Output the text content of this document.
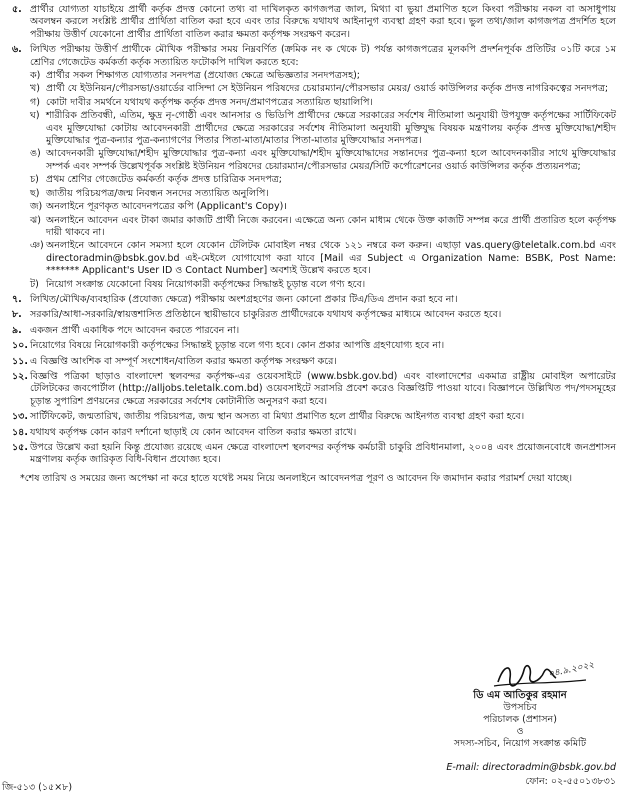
৫. প্রার্থীর যোগ্যতা যাচাইয়ে প্রার্থী কর্তৃক প্রদত্ত কোনো তথ্য বা দাখিলকৃত কাগজপত্র জাল, মিথ্যা বা ভুয়া প্রমাণিত হলে কিংবা পরীক্ষায় নকল বা অসাধুপায় অবলম্বন করলে সংশ্লিষ্ট প্রার্থীর প্রার্থিতা বাতিল করা হবে এবং তার বিরুদ্ধে যথাযথ আইনানুগ ব্যবস্থা গ্রহণ করা হবে। ভুল তথ্য/জাল কাগজপত্র প্রদর্শিত হলে পরীক্ষায় উত্তীর্ণ যেকোনো প্রার্থীর প্রার্থিতা বাতিল করার ক্ষমতা কর্তৃপক্ষ সংরক্ষণ করেন।
৬. লিখিত পরীক্ষায় উত্তীর্ণ প্রার্থীকে মৌখিক পরীক্ষার সময় নিম্নবর্ণিত (ক্রমিক নং ক থেকে ট) পর্যন্ত কাগজপত্রের মূলকপি প্রদর্শনপূর্বক প্রতিটির ০১টি করে ১ম শ্রেণির গেজেটেড কর্মকর্তা কর্তৃক সত্যায়িত ফটোকপি দাখিল করতে হবে:
ক) প্রার্থীর সকল শিক্ষাগত যোগ্যতার সনদপত্র (প্রযোজ্য ক্ষেত্রে অভিজ্ঞতার সনদপত্রসহ);
খ) প্রার্থী যে ইউনিয়ন/পৌরসভা/ওয়ার্ডের বাসিন্দা সে ইউনিয়ন পরিষদের চেয়ারম্যান/পৌরসভার মেয়র/ ওয়ার্ড কাউন্সিলর কর্তৃক প্রদত্ত নাগরিকত্বের সনদপত্র;
গ) কোটা দাবীর সমর্থনে যথাযথ কর্তৃপক্ষ কর্তৃক প্রদত্ত সনদ/প্রমাণপত্রের সত্যায়িত ছায়ালিপি।
ঘ) শারীরিক প্রতিবন্ধী, এতিম, ক্ষুদ্র নৃ-গোষ্ঠী এবং আনসার ও ভিডিপি প্রার্থীদের ক্ষেত্রে সরকারের সর্বশেষ নীতিমালা অনুযায়ী উপযুক্ত কর্তৃপক্ষের সার্টিফিকেট এবং মুক্তিযোদ্ধা কোটায় আবেদনকারী প্রার্থীদের ক্ষেত্রে সরকারের সর্বশেষ নীতিমালা অনুযায়ী মুক্তিযুদ্ধ বিষয়ক মন্ত্রণালয় কর্তৃক প্রদত্ত মুক্তিযোদ্ধা/শহীদ মুক্তিযোদ্ধার পুত্র-কন্যার পুত্র-কন্যাগণের পিতার পিতা-মাতা/মাতার পিতা-মাতার মুক্তিযোদ্ধার সনদপত্র।
ঙ) আবেদনকারী মুক্তিযোদ্ধা/শহীদ মুক্তিযোদ্ধার পুত্র-কন্যা এবং মুক্তিযোদ্ধা/শহীদ মুক্তিযোদ্ধাদের সন্তানদের পুত্র-কন্যা হলে আবেদনকারীর সাথে মুক্তিযোদ্ধার সম্পর্ক এবং সম্পর্ক উল্লেখপূর্বক সংশ্লিষ্ট ইউনিয়ন পরিষদের চেয়ারম্যান/পৌরসভার মেয়র/সিটি কর্পোরেশনের ওয়ার্ড কাউন্সিলর কর্তৃক প্রত্যয়নপত্র;
চ) প্রথম শ্রেণির গেজেটেড কর্মকর্তা কর্তৃক প্রদত্ত চারিত্রিক সনদপত্র;
ছ) জাতীয় পরিচয়পত্র/জন্ম নিবন্ধন সনদের সত্যায়িত অনুলিপি।
জ) অনলাইনে পূরণকৃত আবেদনপত্রের কপি (Applicant's Copy)।
ঝ) অনলাইনে আবেদন এবং টাকা জমার কাজটি প্রার্থী নিজে করবেন। এক্ষেত্রে অন্য কোন মাধ্যম থেকে উক্ত কাজটি সম্পন্ন করে প্রার্থী প্রতারিত হলে কর্তৃপক্ষ দায়ী থাকবে না।
ঞ) অনলাইনে আবেদনে কোন সমস্যা হলে যেকোন টেলিটক মোবাইল নম্বর থেকে ১২১ নম্বরে কল করুন। এছাড়া vas.query@teletalk.com.bd এবং directoradmin@bsbk.gov.bd এই-মেইলে যোগাযোগ করা যাবে [Mail এর Subject এ Organization Name: BSBK, Post Name: ******* Applicant's User ID ও Contact Number] অবশ্যই উল্লেখ করতে হবে।
ট) নিয়োগ সংক্রান্ত যেকোনো বিষয় নিয়োগকারী কর্তৃপক্ষের সিদ্ধান্তই চূড়ান্ত বলে গণ্য হবে।
৭. লিখিত/মৌখিক/ব্যবহারিক (প্রযোজ্য ক্ষেত্রে) পরীক্ষায় অংশগ্রহণের জন্য কোনো প্রকার টিএ/ডিএ প্রদান করা হবে না।
৮. সরকারি/আধা-সরকারি/স্বায়ত্তশাসিত প্রতিষ্ঠানে স্থায়ীভাবে চাকুরিরত প্রার্থীদেরকে যথাযথ কর্তৃপক্ষের মাধ্যমে আবেদন করতে হবে।
৯. একজন প্রার্থী একাধিক পদে আবেদন করতে পারবেন না।
১০. নিয়োগের বিষয়ে নিয়োগকারী কর্তৃপক্ষের সিদ্ধান্তই চূড়ান্ত বলে গণ্য হবে। কোন প্রকার আপত্তি গ্রহণযোগ্য হবে না।
১১. এ বিজ্ঞপ্তি আংশিক বা সম্পূর্ণ সংশোধন/বাতিল করার ক্ষমতা কর্তৃপক্ষ সংরক্ষণ করে।
১২. বিজ্ঞপ্তি পত্রিকা ছাড়াও বাংলাদেশ স্থলবন্দর কর্তৃপক্ষ-এর ওয়েবসাইটে (www.bsbk.gov.bd) এবং বাংলাদেশের একমাত্র রাষ্ট্রীয় মোবাইল অপারেটর টেলিটকের জবপোর্টাল (http://alljobs.teletalk.com.bd) ওয়েবসাইটে সরাসরি প্রবেশ করেও বিজ্ঞপ্তিটি পাওয়া যাবে। বিজ্ঞাপনে উল্লিখিত পদ/পদসমূহের চূড়ান্ত সুপারিশ প্রণয়নের ক্ষেত্রে সরকারের সর্বশেষ কোটানীতি অনুসরণ করা হবে।
১৩. সার্টিফিকেট, জন্মতারিখ, জাতীয় পরিচয়পত্র, জন্ম স্থান অসত্য বা মিথ্যা প্রমাণিত হলে প্রার্থীর বিরুদ্ধে আইনগত ব্যবস্থা গ্রহণ করা হবে।
১৪. যথাযথ কর্তৃপক্ষ কোন কারণ দর্শানো ছাড়াই যে কোন আবেদন বাতিল করার ক্ষমতা রাখে।
১৫. উপরে উল্লেখ করা হয়নি কিন্তু প্রযোজ্য রয়েছে এমন ক্ষেত্রে বাংলাদেশ স্থলবন্দর কর্তৃপক্ষ কর্মচারী চাকুরি প্রবিধানমালা, ২০০৪ এবং প্রয়োজনবোধে জনপ্রশাসন মন্ত্রণালয় কর্তৃক জারিকৃত বিধি-বিধান প্রযোজ্য হবে।
*শেষ তারিখ ও সময়ের জন্য অপেক্ষা না করে হাতে যথেষ্ট সময় নিয়ে অনলাইনে আবেদনপত্র পূরণ ও আবেদন ফি জমাদান করার পরামর্শ দেয়া যাচ্ছে।
০৪.৯.২০২২
ডি এম আতিকুর রহমান
উপসচিব
পরিচালক (প্রশাসন)
ও
সদস্য-সচিব, নিয়োগ সংক্রান্ত কমিটি
E-mail: directoradmin@bsbk.gov.bd
ফোন: ০২-৫৫০১৩৮৩১
জি-৫১৩ (১৫×৮)
